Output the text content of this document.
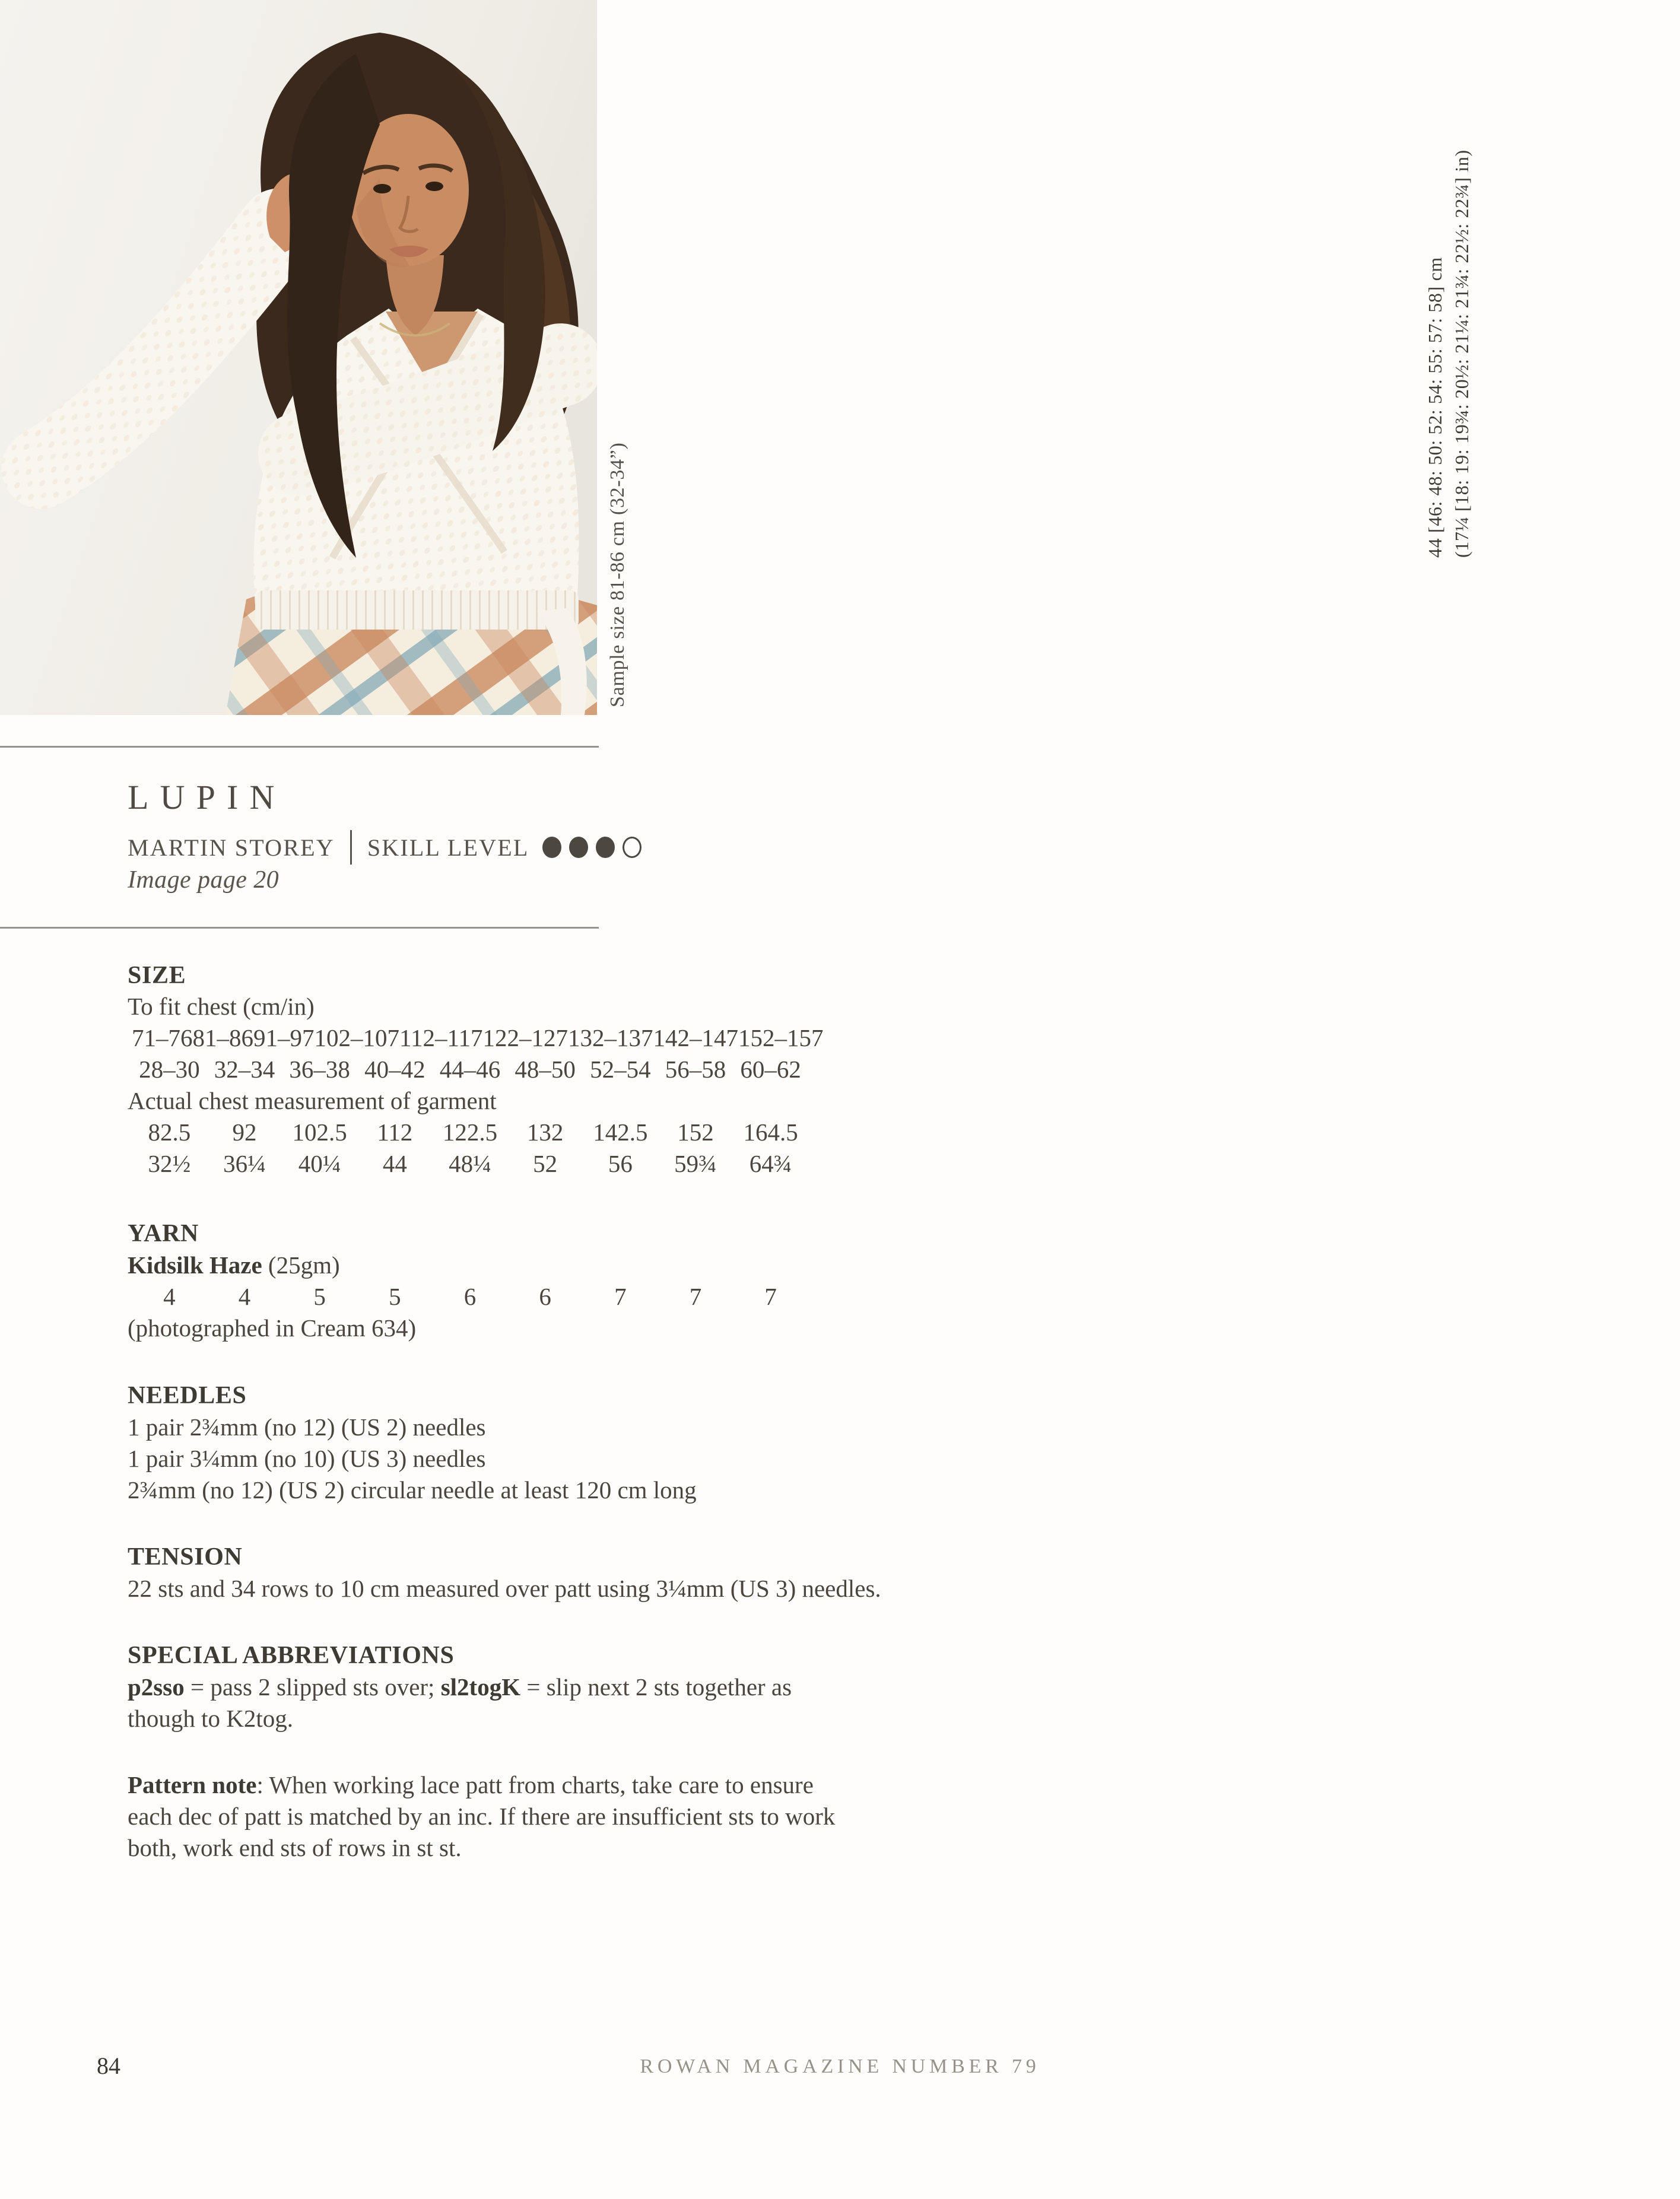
Sample size 81-86 cm (32-34”)
44 [46: 48: 50: 52: 54: 55: 57: 58] cm (17¼ [18: 19: 19¾: 20½: 21¼: 21¾: 22½: 22¾] in)
LUPIN
MARTIN STOREY SKILL LEVEL
Image page 20
SIZE
To fit chest (cm/in)
71–76 81–86 91–97 102–107 112–117 122–127 132–137 142–147 152–157
28–30 32–34 36–38 40–42 44–46 48–50 52–54 56–58 60–62
Actual chest measurement of garment
82.5	92	102.5	112	122.5	132	142.5	152	164.5
32½	36¼	40¼	44	48¼	52	56	59¾	64¾
YARN
Kidsilk Haze (25gm)
4	4	5	5	6	6	7	7	7
(photographed in Cream 634)
NEEDLES
1 pair 2¾mm (no 12) (US 2) needles
1 pair 3¼mm (no 10) (US 3) needles
2¾mm (no 12) (US 2) circular needle at least 120 cm long
TENSION
22 sts and 34 rows to 10 cm measured over patt using 3¼mm (US 3) needles.
SPECIAL ABBREVIATIONS
p2sso = pass 2 slipped sts over; sl2togK = slip next 2 sts together as
though to K2tog.
Pattern note: When working lace patt from charts, take care to ensure
each dec of patt is matched by an inc. If there are insufficient sts to work
both, work end sts of rows in st st.
84	ROWAN MAGAZINE NUMBER 79
